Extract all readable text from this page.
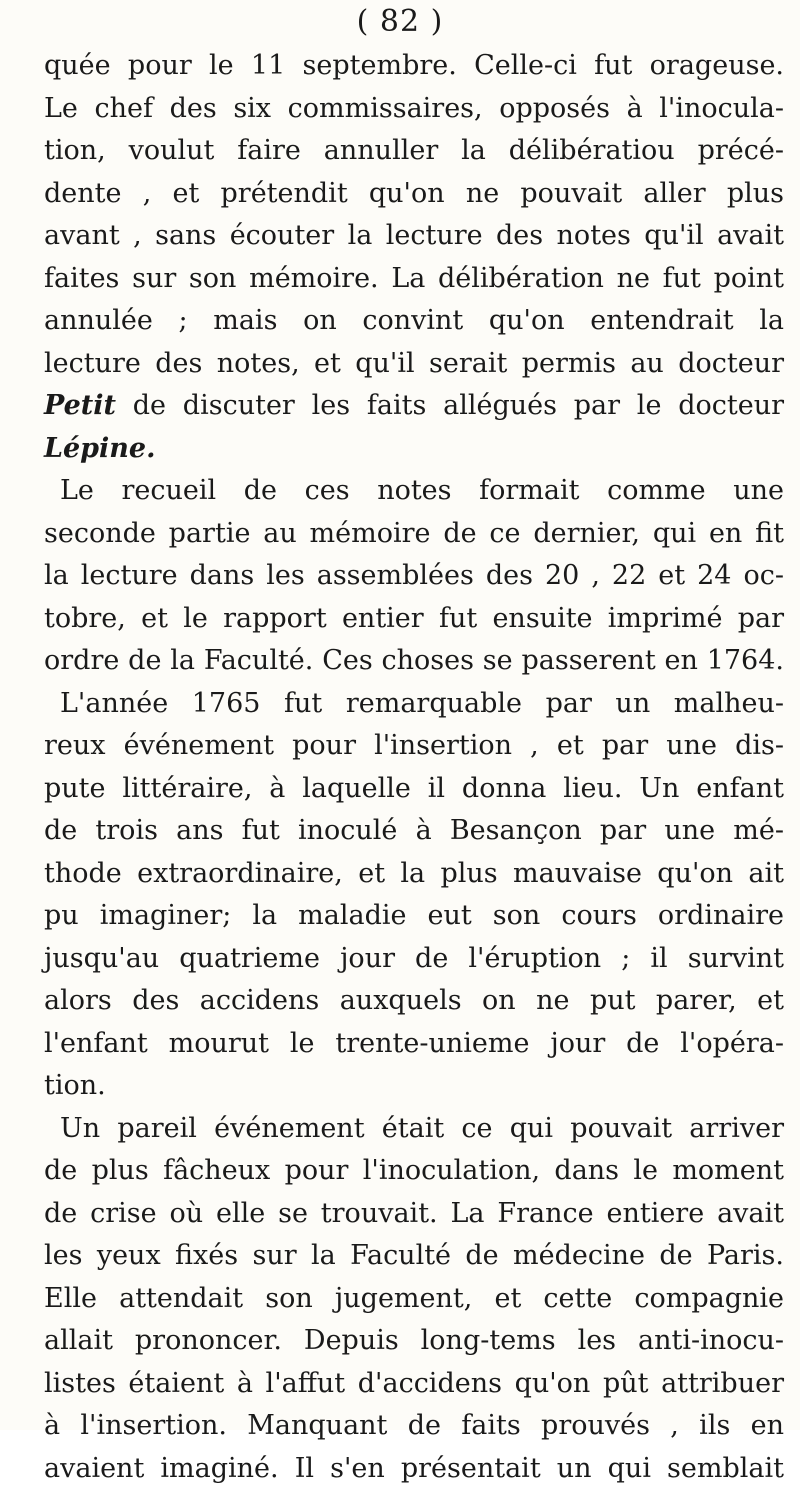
( 82 )
quée pour le 11 septembre. Celle-ci fut orageuse.
Le chef des six commissaires, opposés à l'inocula-
tion, voulut faire annuller la délibératiou précé-
dente , et prétendit qu'on ne pouvait aller plus
avant , sans écouter la lecture des notes qu'il avait
faites sur son mémoire. La délibération ne fut point
annulée ; mais on convint qu'on entendrait la
lecture des notes, et qu'il serait permis au docteur
Petit de discuter les faits allégués par le docteur
Lépine.
Le recueil de ces notes formait comme une
seconde partie au mémoire de ce dernier, qui en fit
la lecture dans les assemblées des 20 , 22 et 24 oc-
tobre, et le rapport entier fut ensuite imprimé par
ordre de la Faculté. Ces choses se passerent en 1764.
L'année 1765 fut remarquable par un malheu-
reux événement pour l'insertion , et par une dis-
pute littéraire, à laquelle il donna lieu. Un enfant
de trois ans fut inoculé à Besançon par une mé-
thode extraordinaire, et la plus mauvaise qu'on ait
pu imaginer; la maladie eut son cours ordinaire
jusqu'au quatrieme jour de l'éruption ; il survint
alors des accidens auxquels on ne put parer, et
l'enfant mourut le trente-unieme jour de l'opéra-
tion.
Un pareil événement était ce qui pouvait arriver
de plus fâcheux pour l'inoculation, dans le moment
de crise où elle se trouvait. La France entiere avait
les yeux fixés sur la Faculté de médecine de Paris.
Elle attendait son jugement, et cette compagnie
allait prononcer. Depuis long-tems les anti-inocu-
listes étaient à l'affut d'accidens qu'on pût attribuer
à l'insertion. Manquant de faits prouvés , ils en
avaient imaginé. Il s'en présentait un qui semblait
